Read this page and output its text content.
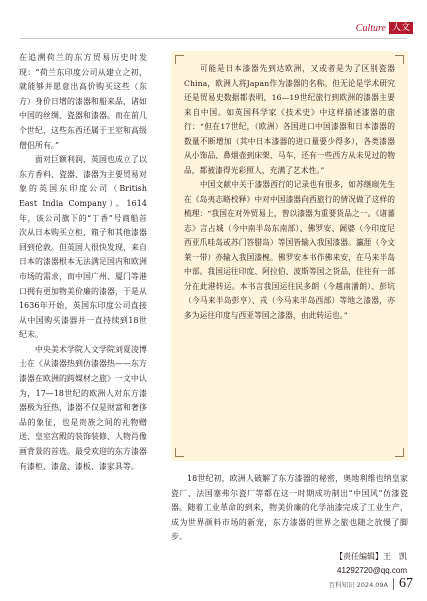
Culture 人文

在追溯荷兰的东方贸易历史时发现：“荷兰东印度公司从建立之初，就能够并愿意出高价购买这些（东方）身价日增的漆器和船来品，诸如中国的丝绸、瓷器和漆器。而在前几个世纪，这些东西还属于王室和高级僧侣所有。”

面对巨额利润，英国也成立了以东方香料、瓷器、漆器为主要贸易对象的英国东印度公司（British East India Company）。1614年，该公司旗下的“丁香”号商船首次从日本购买立柜、箱子和其他漆器回到伦敦。但英国人很快发现，来自日本的漆器根本无法满足国内和欧洲市场的需求，而中国广州、厦门等港口拥有更加物美价廉的漆器，于是从1636年开始，英国东印度公司直接从中国购买漆器并一直持续到18世纪末。

中央美术学院人文学院刘夏凌博士在《从漆器热到仿漆器热——东方漆器在欧洲的跨媒材之旅》一文中认为，17—18世纪的欧洲人对东方漆器极为狂热，漆器不仅是财富和奢侈品的象征，也是贵族之间的礼物赠送、皇室宫殿的装饰装修、人物肖像画背景的首选。最受欢迎的东方漆器有漆柜、漆盒、漆板、漆家具等。

可能是日本漆器先到达欧洲，又或者是为了区别瓷器China，欧洲人将Japan作为漆器的名称。但无论是学术研究还是贸易史数据都表明，16—19世纪旅行到欧洲的漆器主要来自中国。如英国科学家《技术史》中这样描述漆器的旅行：“但在17世纪，（欧洲）各国进口中国漆器和日本漆器的数量不断增加（其中日本漆器的进口量要少得多），各类漆器从小饰品、鼻烟壶到床架、马车，还有一些西方从未见过的物品，都被漆得光彩照人，充满了艺术性。”

中国文献中关于漆器西行的记录也有很多，如苏继庼先生在《岛夷志略校释》中对中国漆器向西旅行的情况做了这样的梳理：“我国在对外贸易上，曾以漆器为重要货品之一。《诸蕃志》言占城（今中南半岛东南部）、佛罗安、阇婆（今印度尼西亚爪哇岛或苏门答腊岛）等国皆输入我国漆器。瀛涯（今文莱一带）亦输入我国漆椀。佛罗安本书作佛来安，在马来半岛中部。我国运往印度、阿拉伯、波斯等国之货品，往往有一部分在此港转运。本书言我国运往民多朗（今越南潘朗）、彭坑（今马来半岛彭亨）、戎（今马来半岛西部）等地之漆器，亦多为运往印度与西亚等国之漆器，由此转运也。”

18世纪初，欧洲人破解了东方漆器的秘密，奥地利维也纳皇家瓷厂、法国塞弗尔瓷厂等都在这一时期成功制出“中国风”仿漆瓷器。随着工业革命的到来，物美价廉的化学油漆完成了工业生产，成为世界颜料市场的新宠，东方漆器的世界之旅也随之放慢了脚步。

【责任编辑】王　凯
41292720@qq.com
百科知识 2024.09A 67
